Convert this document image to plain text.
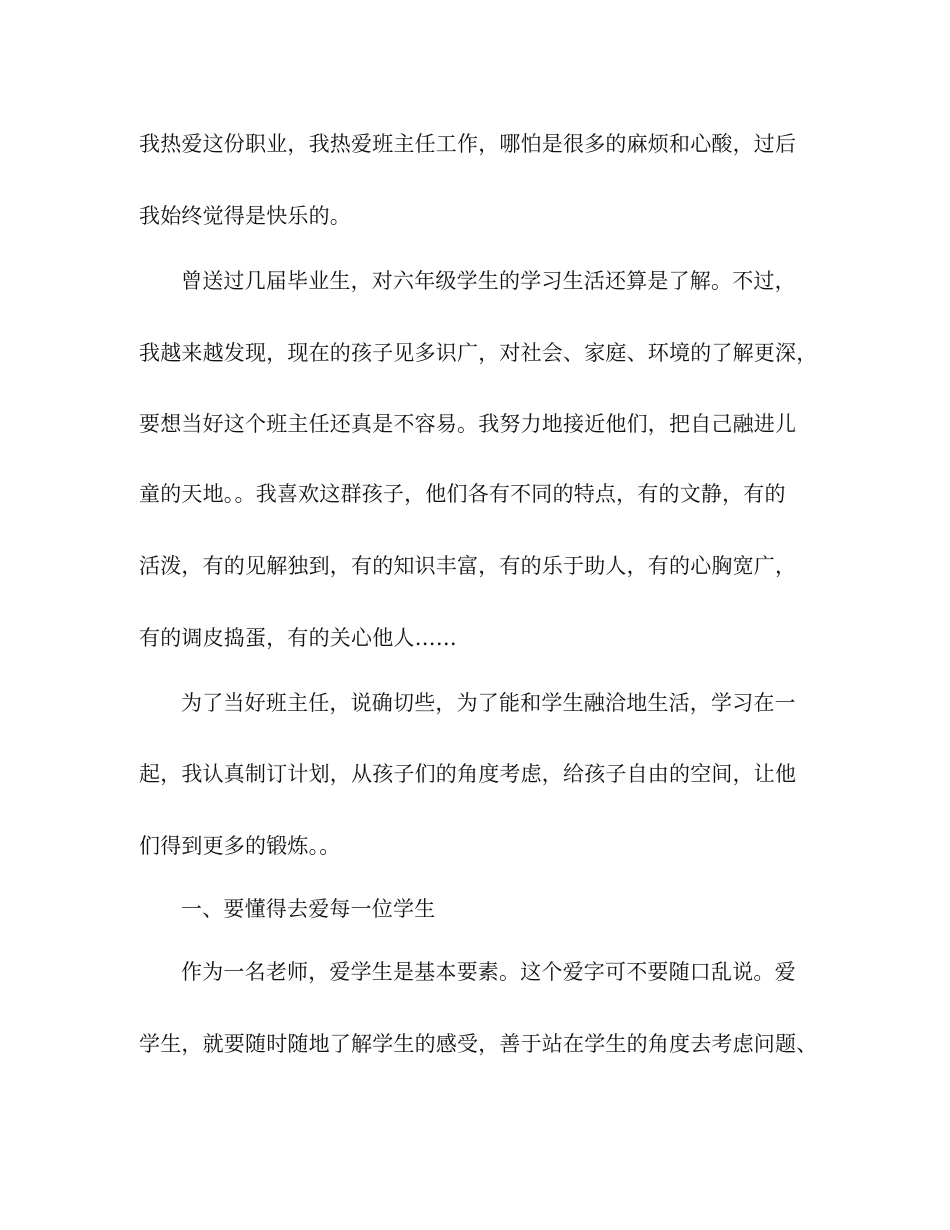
我热爱这份职业，我热爱班主任工作，哪怕是很多的麻烦和心酸，过后
我始终觉得是快乐的。
曾送过几届毕业生，对六年级学生的学习生活还算是了解。不过，
我越来越发现，现在的孩子见多识广，对社会、家庭、环境的了解更深，
要想当好这个班主任还真是不容易。我努力地接近他们，把自己融进儿
童的天地。。我喜欢这群孩子，他们各有不同的特点，有的文静，有的
活泼，有的见解独到，有的知识丰富，有的乐于助人，有的心胸宽广，
有的调皮捣蛋，有的关心他人……
为了当好班主任，说确切些，为了能和学生融洽地生活，学习在一
起，我认真制订计划，从孩子们的角度考虑，给孩子自由的空间，让他
们得到更多的锻炼。。
一、要懂得去爱每一位学生
作为一名老师，爱学生是基本要素。这个爱字可不要随口乱说。爱
学生，就要随时随地了解学生的感受，善于站在学生的角度去考虑问题、
